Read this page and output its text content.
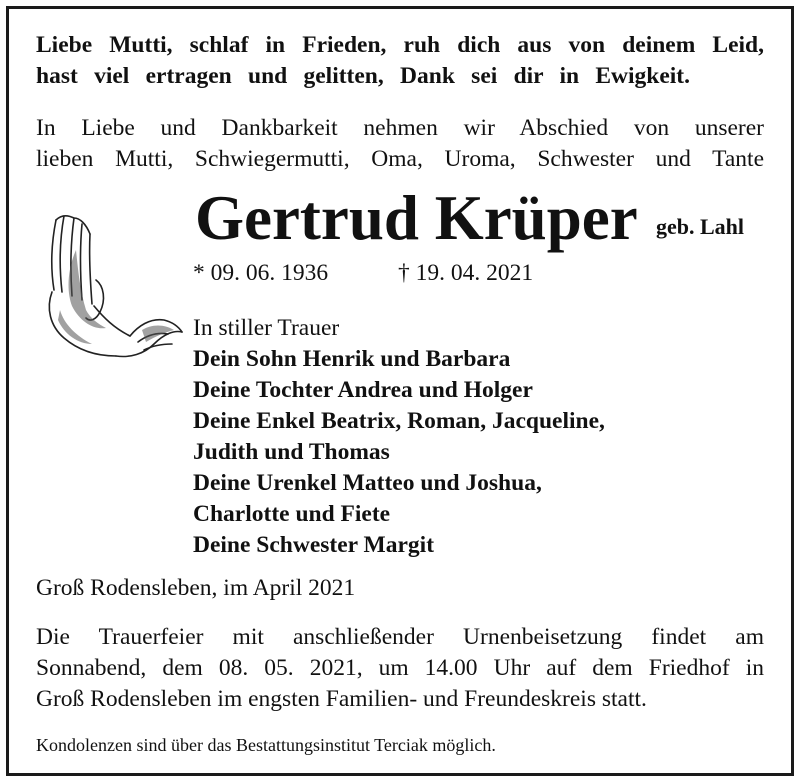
Liebe Mutti, schlaf in Frieden, ruh dich aus von deinem Leid,

hast viel ertragen und gelitten, Dank sei dir in Ewigkeit.

In Liebe und Dankbarkeit nehmen wir Abschied von unserer

lieben Mutti, Schwiegermutti, Oma, Uroma, Schwester und Tante

Gertrud Krüper geb. Lahl

* 09. 06. 1936	† 19. 04. 2021

In stiller Trauer

Dein Sohn Henrik und Barbara

Deine Tochter Andrea und Holger

Deine Enkel Beatrix, Roman, Jacqueline,

Judith und Thomas

Deine Urenkel Matteo und Joshua,

Charlotte und Fiete

Deine Schwester Margit

Groß Rodensleben, im April 2021

Die Trauerfeier mit anschließender Urnenbeisetzung findet am

Sonnabend, dem 08. 05. 2021, um 14.00 Uhr auf dem Friedhof in

Groß Rodensleben im engsten Familien- und Freundeskreis statt.

Kondolenzen sind über das Bestattungsinstitut Terciak möglich.
